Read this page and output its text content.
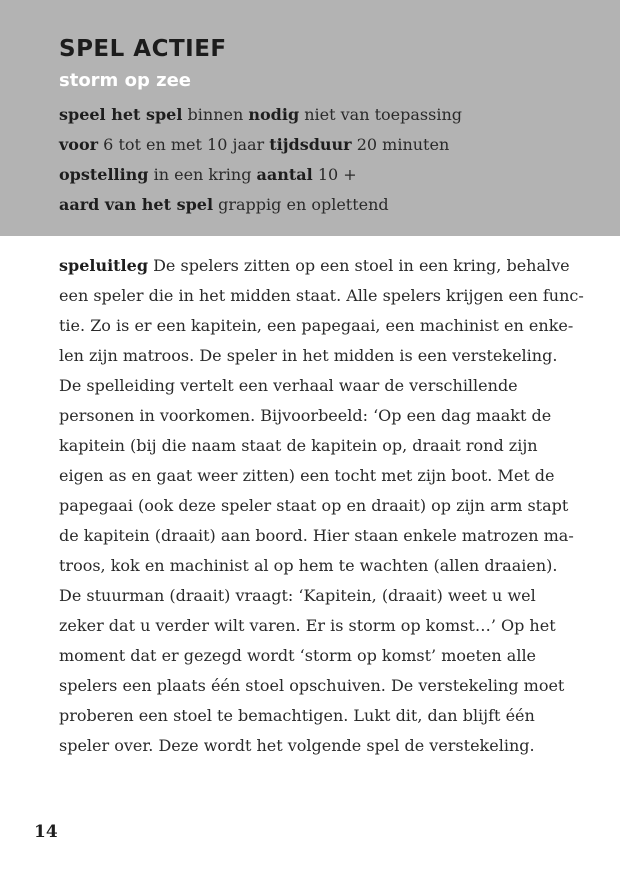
SPEL ACTIEF
storm op zee
speel het spel binnen nodig niet van toepassing
voor 6 tot en met 10 jaar tijdsduur 20 minuten
opstelling in een kring aantal 10 +
aard van het spel grappig en oplettend
speluitleg De spelers zitten op een stoel in een kring, behalve
een speler die in het midden staat. Alle spelers krijgen een func-
tie. Zo is er een kapitein, een papegaai, een machinist en enke-
len zijn matroos. De speler in het midden is een verstekeling.
De spelleiding vertelt een verhaal waar de verschillende
personen in voorkomen. Bijvoorbeeld: ‘Op een dag maakt de
kapitein (bij die naam staat de kapitein op, draait rond zijn
eigen as en gaat weer zitten) een tocht met zijn boot. Met de
papegaai (ook deze speler staat op en draait) op zijn arm stapt
de kapitein (draait) aan boord. Hier staan enkele matrozen ma-
troos, kok en machinist al op hem te wachten (allen draaien).
De stuurman (draait) vraagt: ‘Kapitein, (draait) weet u wel
zeker dat u verder wilt varen. Er is storm op komst…’ Op het
moment dat er gezegd wordt ‘storm op komst’ moeten alle
spelers een plaats één stoel opschuiven. De verstekeling moet
proberen een stoel te bemachtigen. Lukt dit, dan blijft één
speler over. Deze wordt het volgende spel de verstekeling.
14
